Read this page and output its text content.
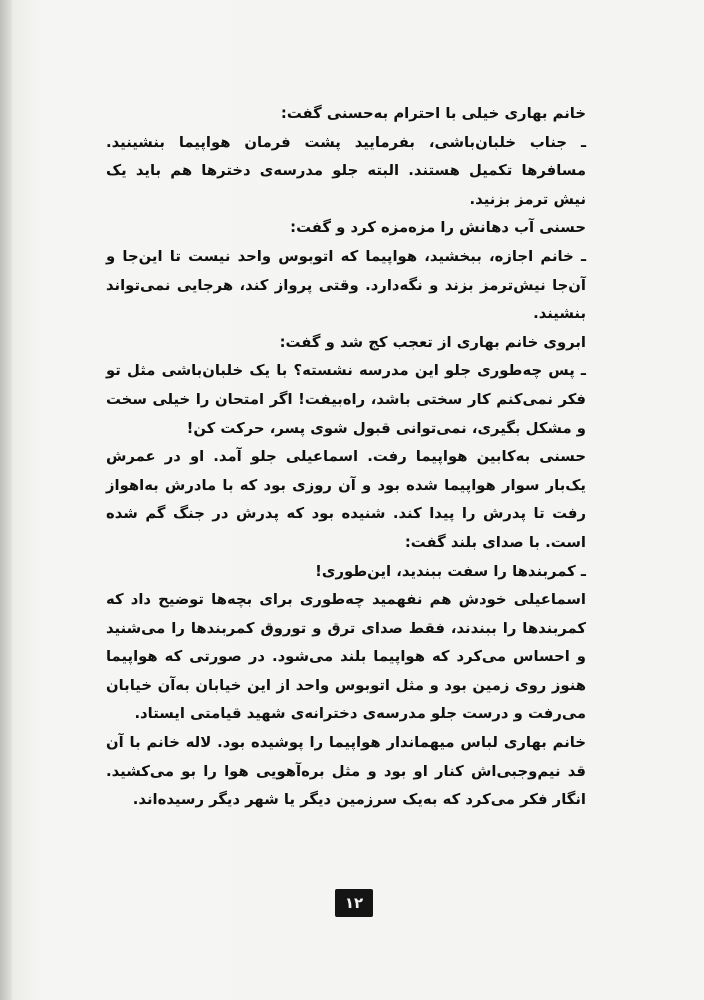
خانم بهاری خیلی با احترام به‌حسنی گفت:

ـ جناب خلبان‌باشی، بفرمایید پشت فرمان هواپیما بنشینید. مسافرها تکمیل هستند. البته جلو مدرسه‌ی دخترها هم باید یک نیش ترمز بزنید.

حسنی آب دهانش را مزه‌مزه کرد و گفت:

ـ خانم اجازه، ببخشید، هواپیما که اتوبوس واحد نیست تا این‌جا و آن‌جا نیش‌ترمز بزند و نگه‌دارد. وقتی پرواز کند، هرجایی نمی‌تواند بنشیند.

ابروی خانم بهاری از تعجب کج شد و گفت:

ـ پس چه‌طوری جلو این مدرسه نشسته؟ با یک خلبان‌باشی مثل تو فکر نمی‌کنم کار سختی باشد، راه‌بیفت! اگر امتحان را خیلی سخت و مشکل بگیری، نمی‌توانی قبول شوی پسر، حرکت کن!

حسنی به‌کابین هواپیما رفت. اسماعیلی جلو آمد. او در عمرش یک‌بار سوار هواپیما شده بود و آن روزی بود که با مادرش به‌اهواز رفت تا پدرش را پیدا کند. شنیده بود که پدرش در جنگ گم شده است. با صدای بلند گفت:

ـ کمربندها را سفت ببندید، این‌طوری!

اسماعیلی خودش هم نفهمید چه‌طوری برای بچه‌ها توضیح داد که کمربندها را ببندند، فقط صدای ترق و توروق کمربندها را می‌شنید و احساس می‌کرد که هواپیما بلند می‌شود. در صورتی که هواپیما هنوز روی زمین بود و مثل اتوبوس واحد از این خیابان به‌آن خیابان می‌رفت و درست جلو مدرسه‌ی دخترانه‌ی شهید قیامتی ایستاد.

خانم بهاری لباس میهماندار هواپیما را پوشیده بود. لاله خانم با آن قد نیم‌وجبی‌اش کنار او بود و مثل بره‌آهویی هوا را بو می‌کشید. انگار فکر می‌کرد که به‌یک سرزمین دیگر یا شهر دیگر رسیده‌اند.

۱۲
